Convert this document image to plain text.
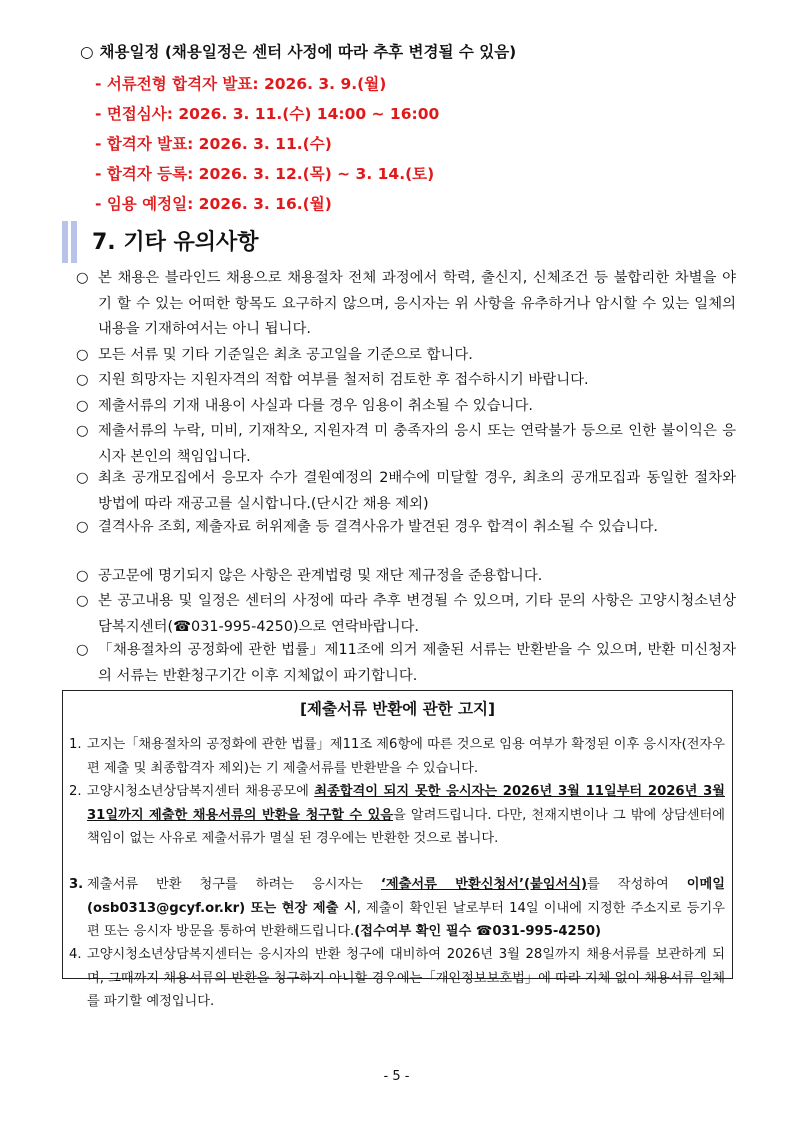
○ 채용일정 (채용일정은 센터 사정에 따라 추후 변경될 수 있음)
- 서류전형 합격자 발표: 2026. 3. 9.(월)
- 면접심사: 2026. 3. 11.(수) 14:00 ~ 16:00
- 합격자 발표: 2026. 3. 11.(수)
- 합격자 등록: 2026. 3. 12.(목) ~ 3. 14.(토)
- 임용 예정일: 2026. 3. 16.(월)
7. 기타 유의사항
○ 본 채용은 블라인드 채용으로 채용절차 전체 과정에서 학력, 출신지, 신체조건 등 불합리한 차별을 야기 할 수 있는 어떠한 항목도 요구하지 않으며, 응시자는 위 사항을 유추하거나 암시할 수 있는 일체의 내용을 기재하여서는 아니 됩니다.
○ 모든 서류 및 기타 기준일은 최초 공고일을 기준으로 합니다.
○ 지원 희망자는 지원자격의 적합 여부를 철저히 검토한 후 접수하시기 바랍니다.
○ 제출서류의 기재 내용이 사실과 다를 경우 임용이 취소될 수 있습니다.
○ 제출서류의 누락, 미비, 기재착오, 지원자격 미 충족자의 응시 또는 연락불가 등으로 인한 불이익은 응시자 본인의 책임입니다.
○ 최초 공개모집에서 응모자 수가 결원예정의 2배수에 미달할 경우, 최초의 공개모집과 동일한 절차와 방법에 따라 재공고를 실시합니다.(단시간 채용 제외)
○ 결격사유 조회, 제출자료 허위제출 등 결격사유가 발견된 경우 합격이 취소될 수 있습니다.
○ 공고문에 명기되지 않은 사항은 관계법령 및 재단 제규정을 준용합니다.
○ 본 공고내용 및 일정은 센터의 사정에 따라 추후 변경될 수 있으며, 기타 문의 사항은 고양시청소년상담복지센터(☎031-995-4250)으로 연락바랍니다.
○ 「채용절차의 공정화에 관한 법률」제11조에 의거 제출된 서류는 반환받을 수 있으며, 반환 미신청자의 서류는 반환청구기간 이후 지체없이 파기합니다.
[제출서류 반환에 관한 고지]
1. 고지는「채용절차의 공정화에 관한 법률」제11조 제6항에 따른 것으로 임용 여부가 확정된 이후 응시자(전자우편 제출 및 최종합격자 제외)는 기 제출서류를 반환받을 수 있습니다.
2. 고양시청소년상담복지센터 채용공모에 최종합격이 되지 못한 응시자는 2026년 3월 11일부터 2026년 3월 31일까지 제출한 채용서류의 반환을 청구할 수 있음을 알려드립니다. 다만, 천재지변이나 그 밖에 상담센터에 책임이 없는 사유로 제출서류가 멸실 된 경우에는 반환한 것으로 봅니다.
3. 제출서류 반환 청구를 하려는 응시자는 ‘제출서류 반환신청서’(붙임서식)를 작성하여 이메일 (osb0313@gcyf.or.kr) 또는 현장 제출 시, 제출이 확인된 날로부터 14일 이내에 지정한 주소지로 등기우편 또는 응시자 방문을 통하여 반환해드립니다.(접수여부 확인 필수 ☎031-995-4250)
4. 고양시청소년상담복지센터는 응시자의 반환 청구에 대비하여 2026년 3월 28일까지 채용서류를 보관하게 되며, 그때까지 채용서류의 반환을 청구하지 아니할 경우에는「개인정보보호법」에 따라 지체 없이 채용서류 일체를 파기할 예정입니다.
- 5 -
